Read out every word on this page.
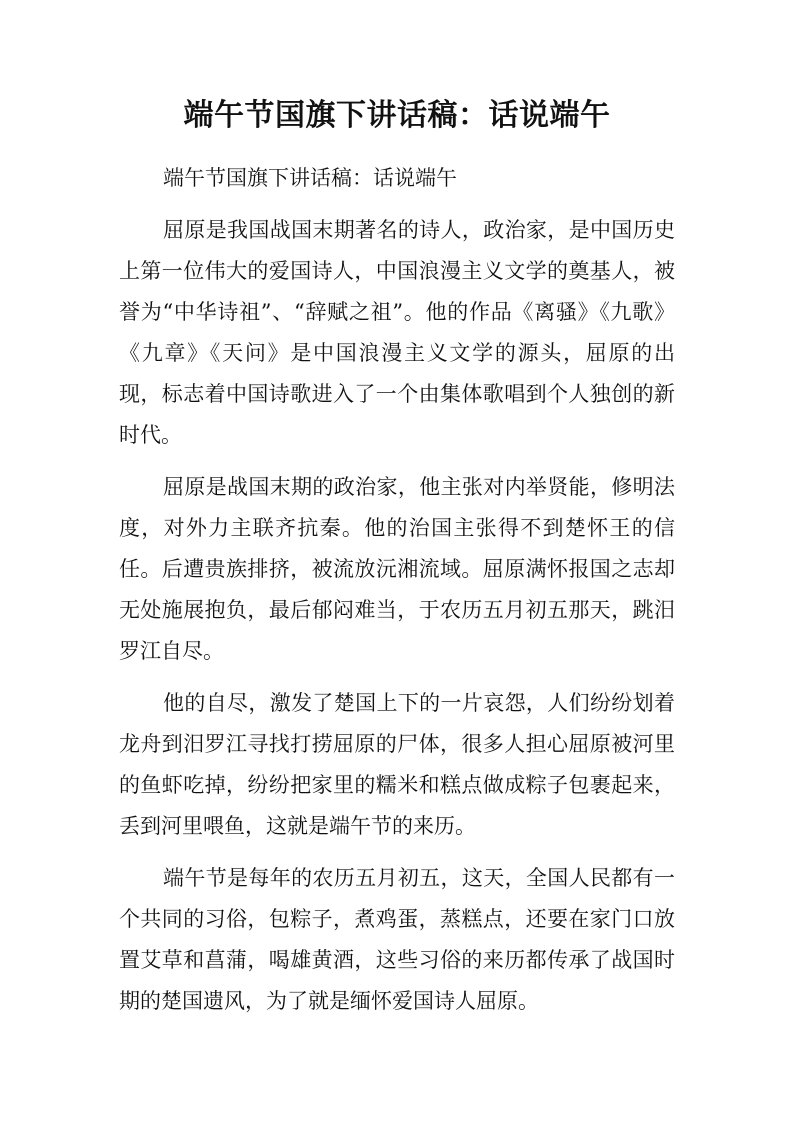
端午节国旗下讲话稿：话说端午

端午节国旗下讲话稿：话说端午

屈原是我国战国末期著名的诗人，政治家，是中国历史上第一位伟大的爱国诗人，中国浪漫主义文学的奠基人，被誉为“中华诗祖”、“辞赋之祖”。他的作品《离骚》《九歌》《九章》《天问》是中国浪漫主义文学的源头，屈原的出现，标志着中国诗歌进入了一个由集体歌唱到个人独创的新时代。

屈原是战国末期的政治家，他主张对内举贤能，修明法度，对外力主联齐抗秦。他的治国主张得不到楚怀王的信任。后遭贵族排挤，被流放沅湘流域。屈原满怀报国之志却无处施展抱负，最后郁闷难当，于农历五月初五那天，跳汨罗江自尽。

他的自尽，激发了楚国上下的一片哀怨，人们纷纷划着龙舟到汨罗江寻找打捞屈原的尸体，很多人担心屈原被河里的鱼虾吃掉，纷纷把家里的糯米和糕点做成粽子包裹起来，丢到河里喂鱼，这就是端午节的来历。

端午节是每年的农历五月初五，这天，全国人民都有一个共同的习俗，包粽子，煮鸡蛋，蒸糕点，还要在家门口放置艾草和菖蒲，喝雄黄酒，这些习俗的来历都传承了战国时期的楚国遗风，为了就是缅怀爱国诗人屈原。
